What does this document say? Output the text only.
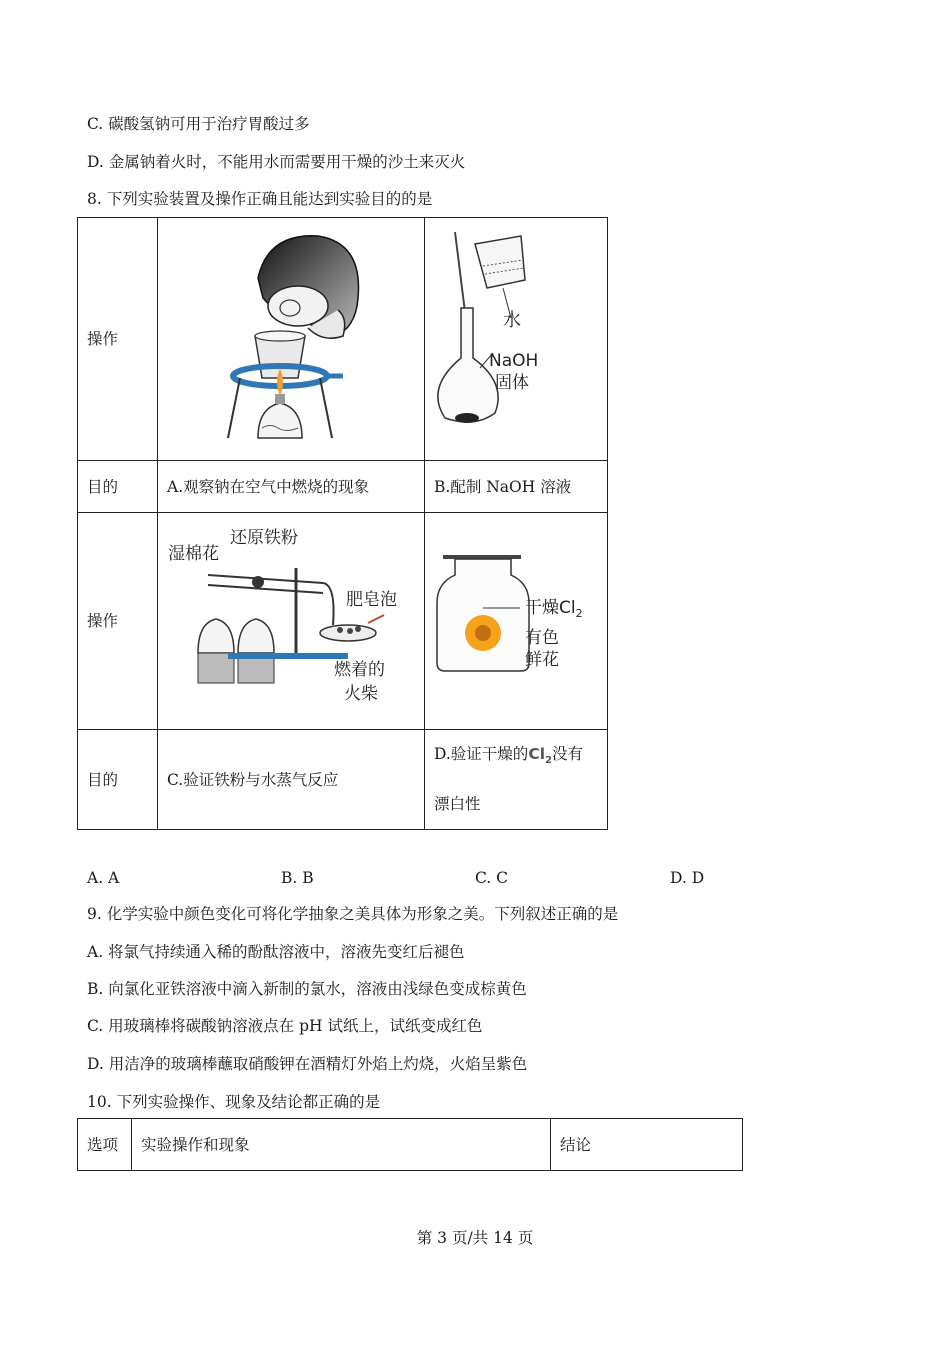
C. 碳酸氢钠可用于治疗胃酸过多
D. 金属钠着火时，不能用水而需要用干燥的沙土来灭火
8. 下列实验装置及操作正确且能达到实验目的的是
操作		水
NaOH
固体

目的	A.观察钠在空气中燃烧的现象	B.配制 NaOH 溶液
操作	湿棉花
还原铁粉
肥皂泡
燃着的
火柴	干燥$Cl_2$
有色
鲜花

目的	C.验证铁粉与水蒸气反应	D.验证干燥的$Cl_2$没有
漂白性
A. A	B. B	C. C	D. D
9. 化学实验中颜色变化可将化学抽象之美具体为形象之美。下列叙述正确的是
A. 将氯气持续通入稀的酚酞溶液中，溶液先变红后褪色
B. 向氯化亚铁溶液中滴入新制的氯水，溶液由浅绿色变成棕黄色
C. 用玻璃棒将碳酸钠溶液点在 pH 试纸上，试纸变成红色
D. 用洁净的玻璃棒蘸取硝酸钾在酒精灯外焰上灼烧，火焰呈紫色
10. 下列实验操作、现象及结论都正确的是
选项	实验操作和现象	结论
第 3 页/共 14 页
